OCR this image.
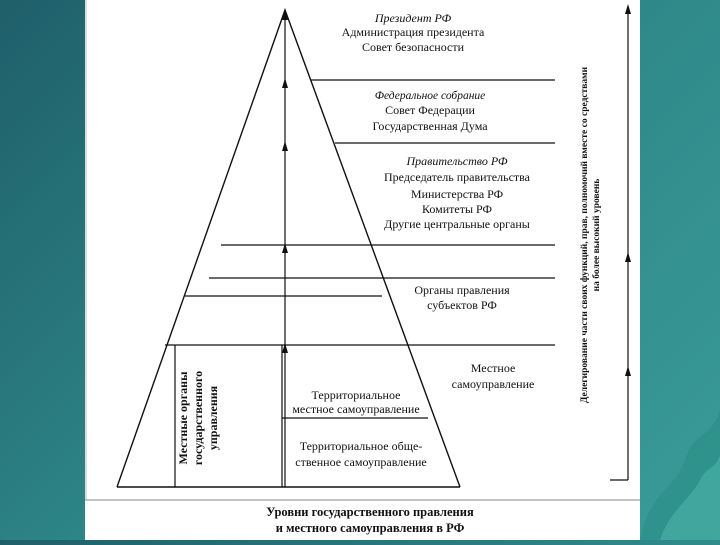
Президент РФ
Администрация президента
Совет безопасности
Федеральное собрание
Совет Федерации
Государственная Дума
Правительство РФ
Председатель правительства
Министерства РФ
Комитеты РФ
Другие центральные органы
Органы правления
субъектов РФ
Местное
самоуправление
Территориальное
местное самоуправление
Территориальное обще-
ственное самоуправление
Местные органы государственного управления
Делегирование части своих функций, прав, полномочий вместе со средствами на более высокий уровень
Уровни государственного правления
и местного самоуправления в РФ
